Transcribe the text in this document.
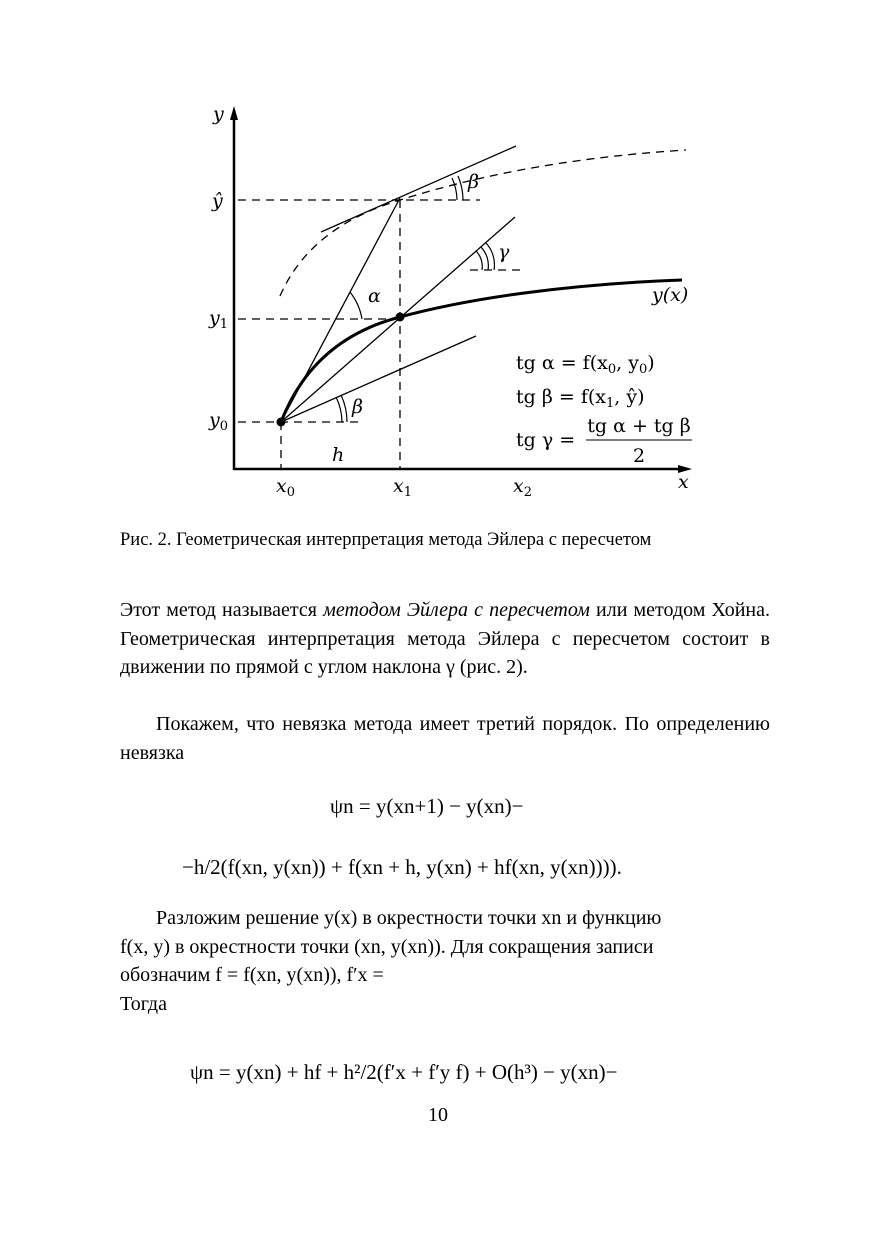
y
x
ŷ
$y_1$
$y_0$
$x_0$	$x_1$	$x_2$
h
y(x)
α
β
β
γ
tg $\alpha = f(x_0$, $y_0$)
tg $\beta = f(x_1$, ŷ)
tg γ =
tg α + tg β
2
Рис. 2. Геометрическая интерпретация метода Эйлера с пересчетом
Этот метод называется методом Эйлера с пересчетом или методом Хойна. Геометрическая интерпретация метода Эйлера с пересчетом состоит в движении по прямой с углом наклона γ (рис. 2).
Покажем, что невязка метода имеет третий порядок. По определению невязка
ψn = y(xn+1) − y(xn)−
−h/2(f(xn, y(xn)) + f(xn + h, y(xn) + hf(xn, y(xn)))).
Разложим решение y(x) в окрестности точки xn и функцию
f(x, y) в окрестности точки (xn, y(xn)). Для сокращения записи
обозначим f = f(xn, y(xn)), f′x =
Тогда
ψn = y(xn) + hf + h²/2(f′x + f′y f) + O(h³) − y(xn)−
10
